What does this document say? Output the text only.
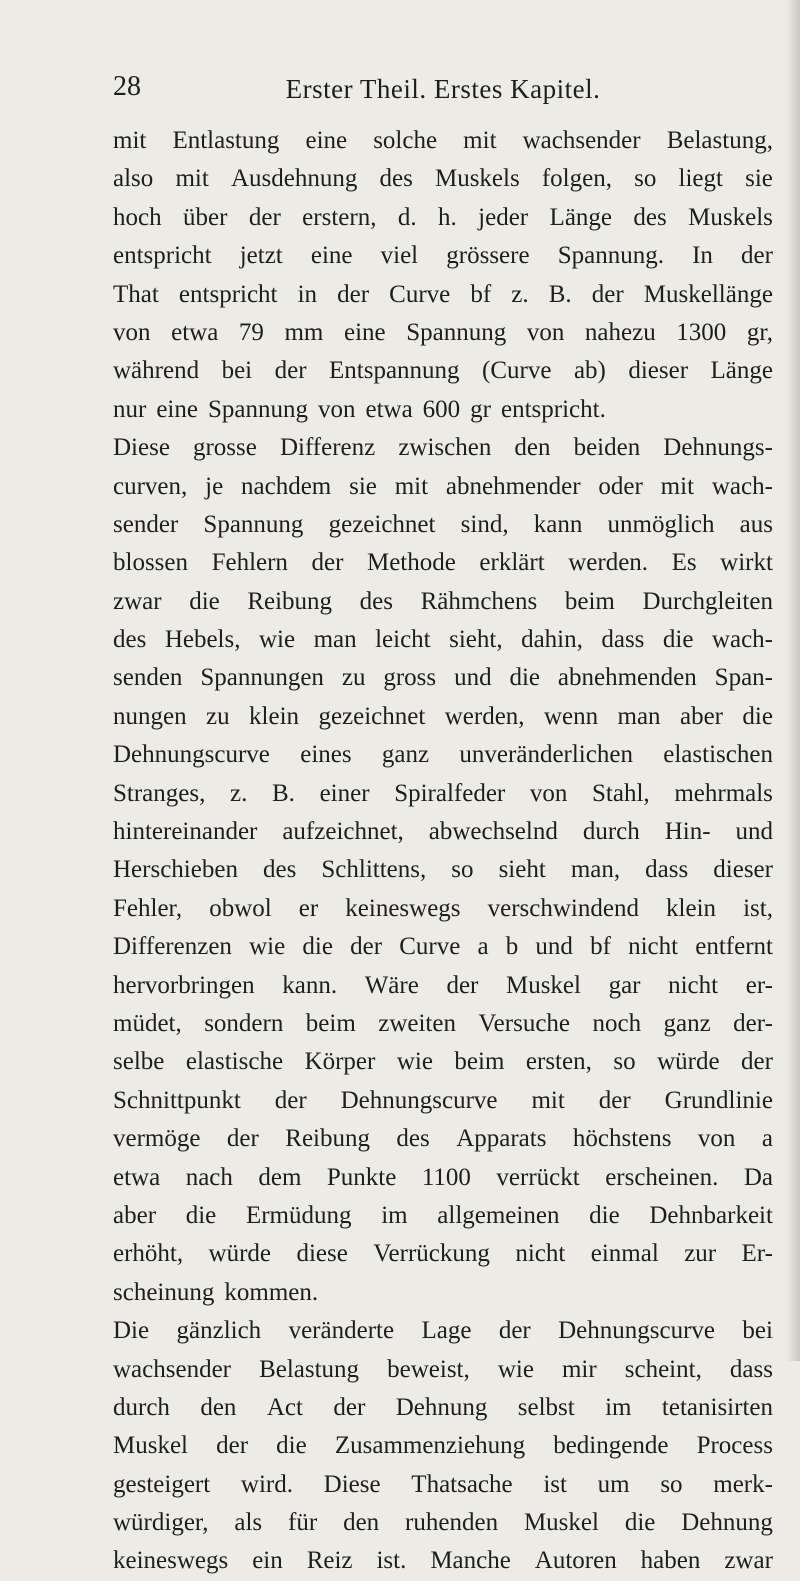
28	Erster Theil. Erstes Kapitel.
mit Entlastung eine solche mit wachsender Belastung,
also mit Ausdehnung des Muskels folgen, so liegt sie
hoch über der erstern, d. h. jeder Länge des Muskels
entspricht jetzt eine viel grössere Spannung. In der
That entspricht in der Curve bf z. B. der Muskellänge
von etwa 79 mm eine Spannung von nahezu 1300 gr,
während bei der Entspannung (Curve ab) dieser Länge
nur eine Spannung von etwa 600 gr entspricht.
Diese grosse Differenz zwischen den beiden Dehnungs-
curven, je nachdem sie mit abnehmender oder mit wach-
sender Spannung gezeichnet sind, kann unmöglich aus
blossen Fehlern der Methode erklärt werden. Es wirkt
zwar die Reibung des Rähmchens beim Durchgleiten
des Hebels, wie man leicht sieht, dahin, dass die wach-
senden Spannungen zu gross und die abnehmenden Span-
nungen zu klein gezeichnet werden, wenn man aber die
Dehnungscurve eines ganz unveränderlichen elastischen
Stranges, z. B. einer Spiralfeder von Stahl, mehrmals
hintereinander aufzeichnet, abwechselnd durch Hin- und
Herschieben des Schlittens, so sieht man, dass dieser
Fehler, obwol er keineswegs verschwindend klein ist,
Differenzen wie die der Curve a b und bf nicht entfernt
hervorbringen kann. Wäre der Muskel gar nicht er-
müdet, sondern beim zweiten Versuche noch ganz der-
selbe elastische Körper wie beim ersten, so würde der
Schnittpunkt der Dehnungscurve mit der Grundlinie
vermöge der Reibung des Apparats höchstens von a
etwa nach dem Punkte 1100 verrückt erscheinen. Da
aber die Ermüdung im allgemeinen die Dehnbarkeit
erhöht, würde diese Verrückung nicht einmal zur Er-
scheinung kommen.
Die gänzlich veränderte Lage der Dehnungscurve bei
wachsender Belastung beweist, wie mir scheint, dass
durch den Act der Dehnung selbst im tetanisirten
Muskel der die Zusammenziehung bedingende Process
gesteigert wird. Diese Thatsache ist um so merk-
würdiger, als für den ruhenden Muskel die Dehnung
keineswegs ein Reiz ist. Manche Autoren haben zwar
